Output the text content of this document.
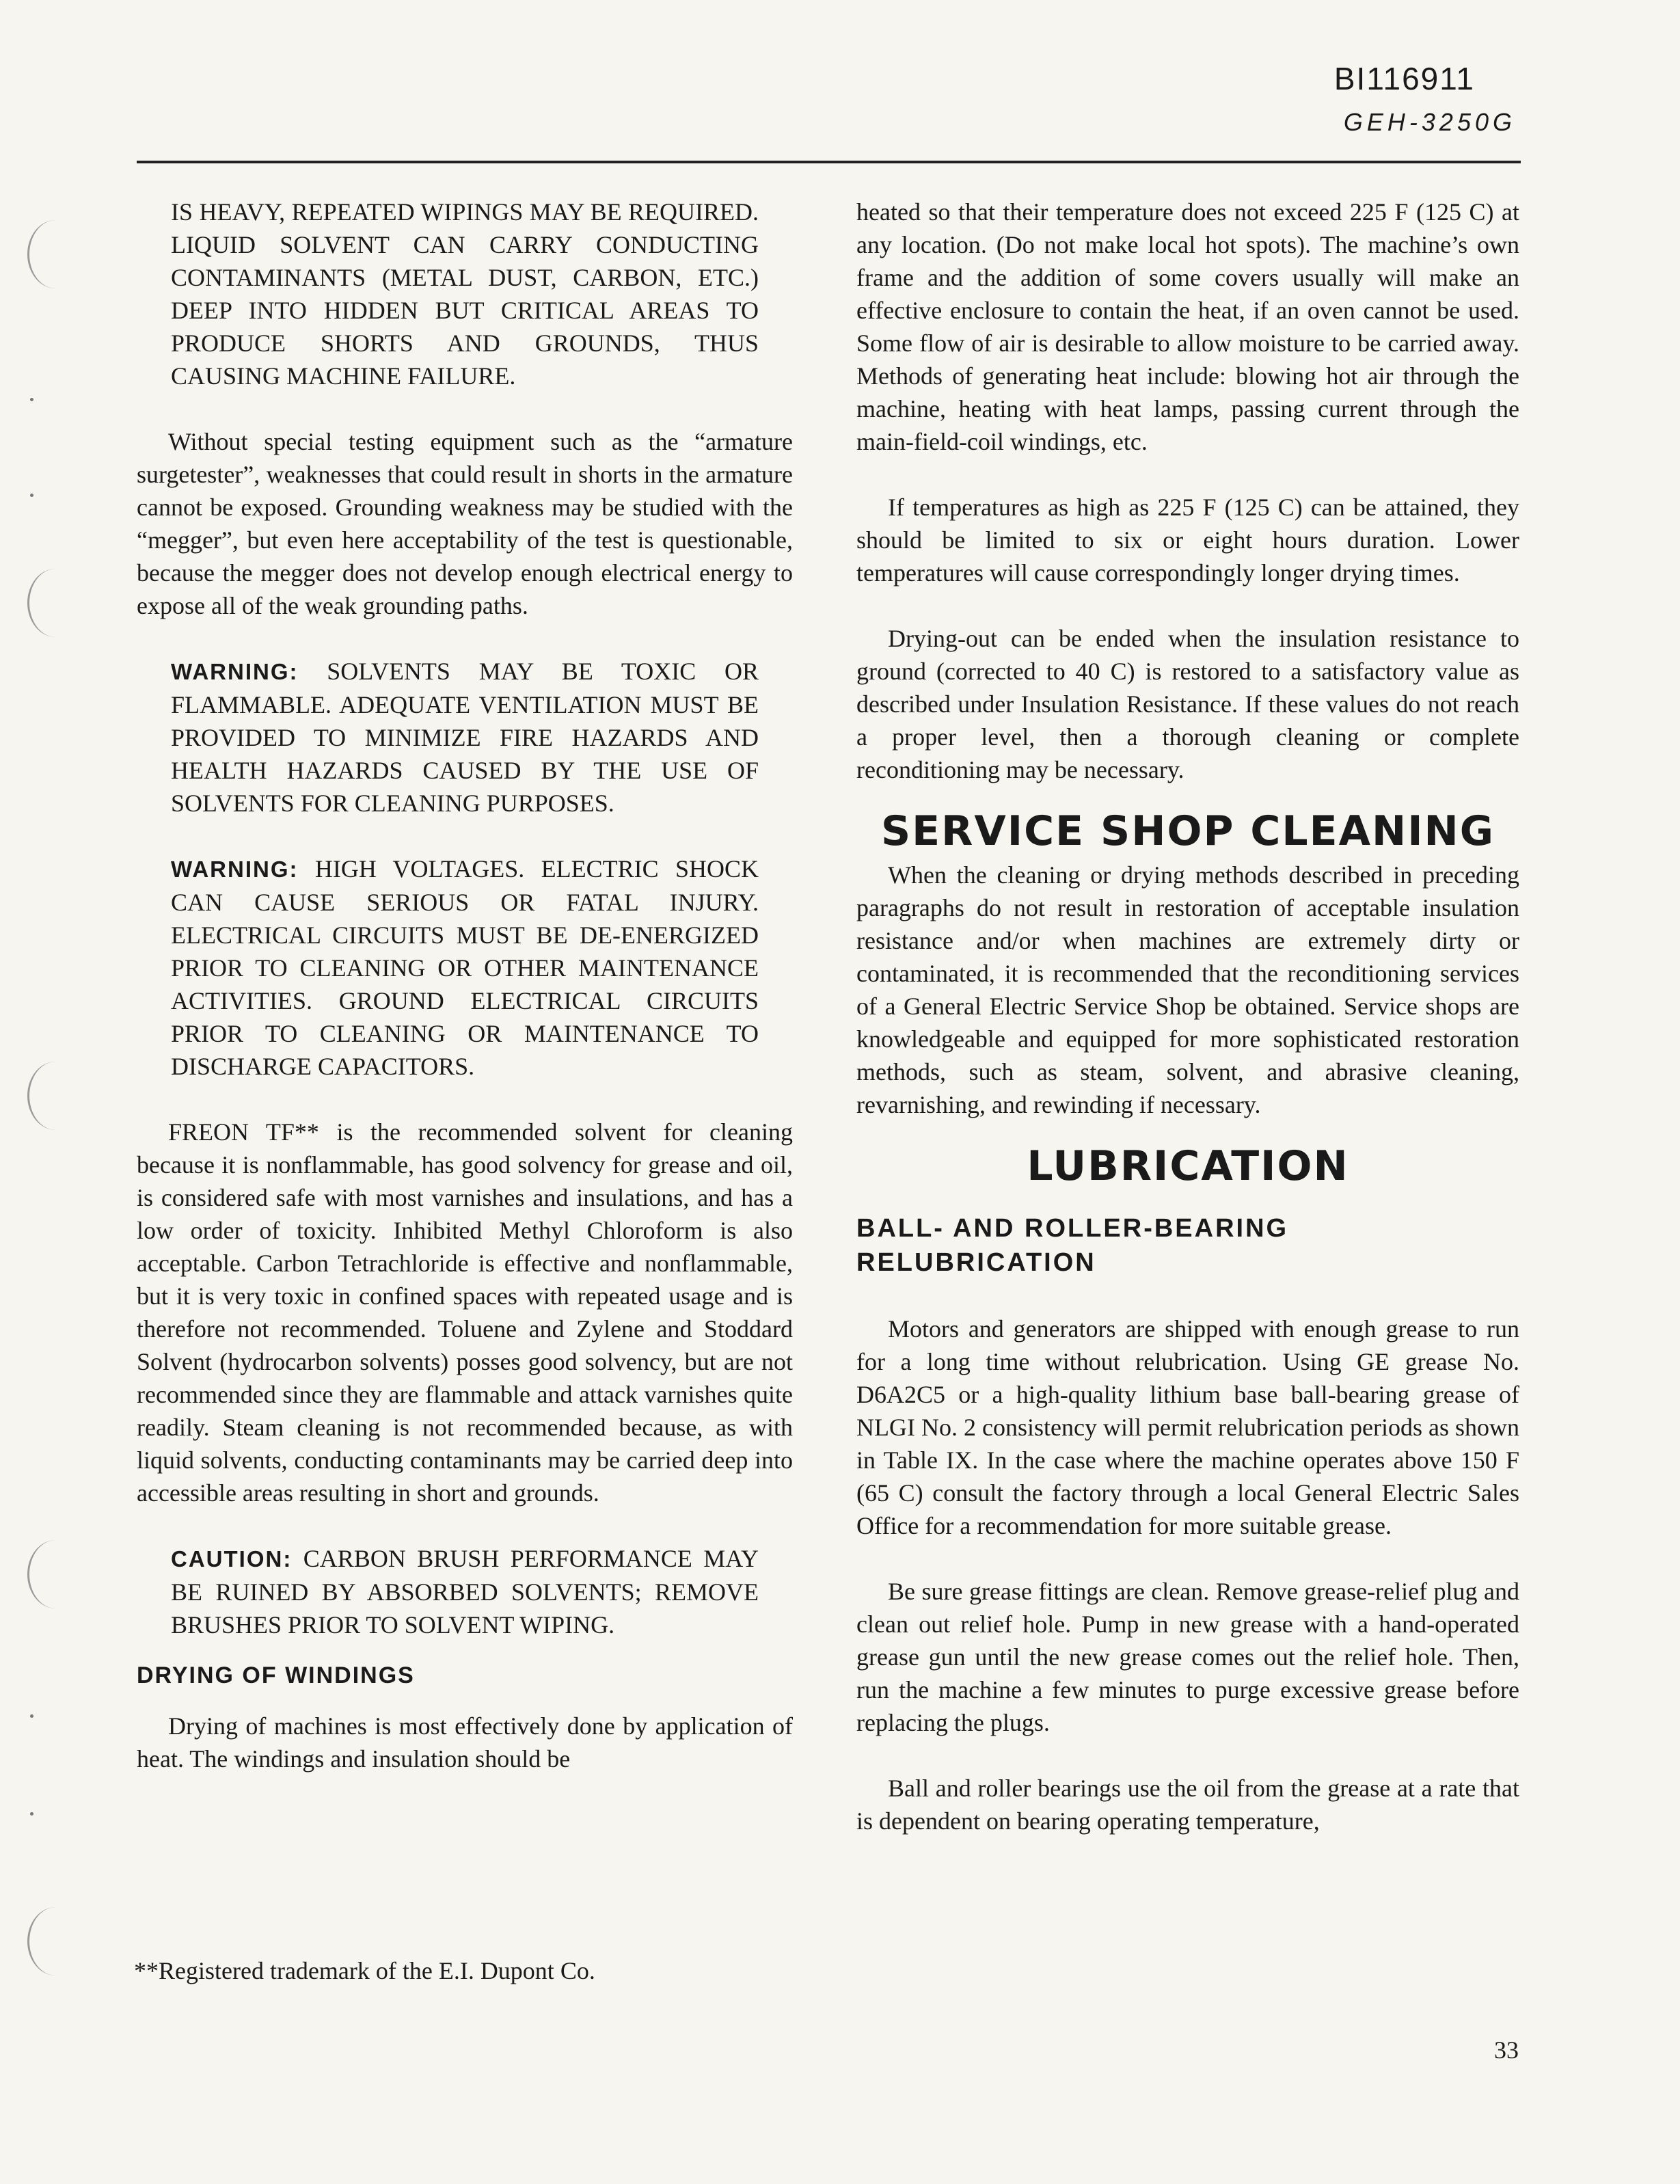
BI116911
GEH-3250G

IS HEAVY, REPEATED WIPINGS MAY BE REQUIRED. LIQUID SOLVENT CAN CARRY CONDUCTING CONTAMINANTS (METAL DUST, CARBON, ETC.) DEEP INTO HIDDEN BUT CRITICAL AREAS TO PRODUCE SHORTS AND GROUNDS, THUS CAUSING MACHINE FAILURE.

Without special testing equipment such as the “armature surgetester”, weaknesses that could result in shorts in the armature cannot be exposed. Grounding weakness may be studied with the “megger”, but even here acceptability of the test is questionable, because the megger does not develop enough electrical energy to expose all of the weak grounding paths.

WARNING: SOLVENTS MAY BE TOXIC OR FLAMMABLE. ADEQUATE VENTILATION MUST BE PROVIDED TO MINIMIZE FIRE HAZARDS AND HEALTH HAZARDS CAUSED BY THE USE OF SOLVENTS FOR CLEANING PURPOSES.

WARNING: HIGH VOLTAGES. ELECTRIC SHOCK CAN CAUSE SERIOUS OR FATAL INJURY. ELECTRICAL CIRCUITS MUST BE DE-ENERGIZED PRIOR TO CLEANING OR OTHER MAINTENANCE ACTIVITIES. GROUND ELECTRICAL CIRCUITS PRIOR TO CLEANING OR MAINTENANCE TO DISCHARGE CAPACITORS.

FREON TF** is the recommended solvent for cleaning because it is nonflammable, has good solvency for grease and oil, is considered safe with most varnishes and insulations, and has a low order of toxicity. Inhibited Methyl Chloroform is also acceptable. Carbon Tetrachloride is effective and nonflammable, but it is very toxic in confined spaces with repeated usage and is therefore not recommended. Toluene and Zylene and Stoddard Solvent (hydrocarbon solvents) posses good solvency, but are not recommended since they are flammable and attack varnishes quite readily. Steam cleaning is not recommended because, as with liquid solvents, conducting contaminants may be carried deep into accessible areas resulting in short and grounds.

CAUTION: CARBON BRUSH PERFORMANCE MAY BE RUINED BY ABSORBED SOLVENTS; REMOVE BRUSHES PRIOR TO SOLVENT WIPING.

DRYING OF WINDINGS

Drying of machines is most effectively done by application of heat. The windings and insulation should be

heated so that their temperature does not exceed 225 F (125 C) at any location. (Do not make local hot spots). The machine’s own frame and the addition of some covers usually will make an effective enclosure to contain the heat, if an oven cannot be used. Some flow of air is desirable to allow moisture to be carried away. Methods of generating heat include: blowing hot air through the machine, heating with heat lamps, passing current through the main-field-coil windings, etc.

If temperatures as high as 225 F (125 C) can be attained, they should be limited to six or eight hours duration. Lower temperatures will cause correspondingly longer drying times.

Drying-out can be ended when the insulation resistance to ground (corrected to 40 C) is restored to a satisfactory value as described under Insulation Resistance. If these values do not reach a proper level, then a thorough cleaning or complete reconditioning may be necessary.

SERVICE SHOP CLEANING

When the cleaning or drying methods described in preceding paragraphs do not result in restoration of acceptable insulation resistance and/or when machines are extremely dirty or contaminated, it is recommended that the reconditioning services of a General Electric Service Shop be obtained. Service shops are knowledgeable and equipped for more sophisticated restoration methods, such as steam, solvent, and abrasive cleaning, revarnishing, and rewinding if necessary.

LUBRICATION
BALL- AND ROLLER-BEARING RELUBRICATION

Motors and generators are shipped with enough grease to run for a long time without relubrication. Using GE grease No. D6A2C5 or a high-quality lithium base ball-bearing grease of NLGI No. 2 consistency will permit relubrication periods as shown in Table IX. In the case where the machine operates above 150 F (65 C) consult the factory through a local General Electric Sales Office for a recommendation for more suitable grease.

Be sure grease fittings are clean. Remove grease-relief plug and clean out relief hole. Pump in new grease with a hand-operated grease gun until the new grease comes out the relief hole. Then, run the machine a few minutes to purge excessive grease before replacing the plugs.

Ball and roller bearings use the oil from the grease at a rate that is dependent on bearing operating temperature,

**Registered trademark of the E.I. Dupont Co.
33
